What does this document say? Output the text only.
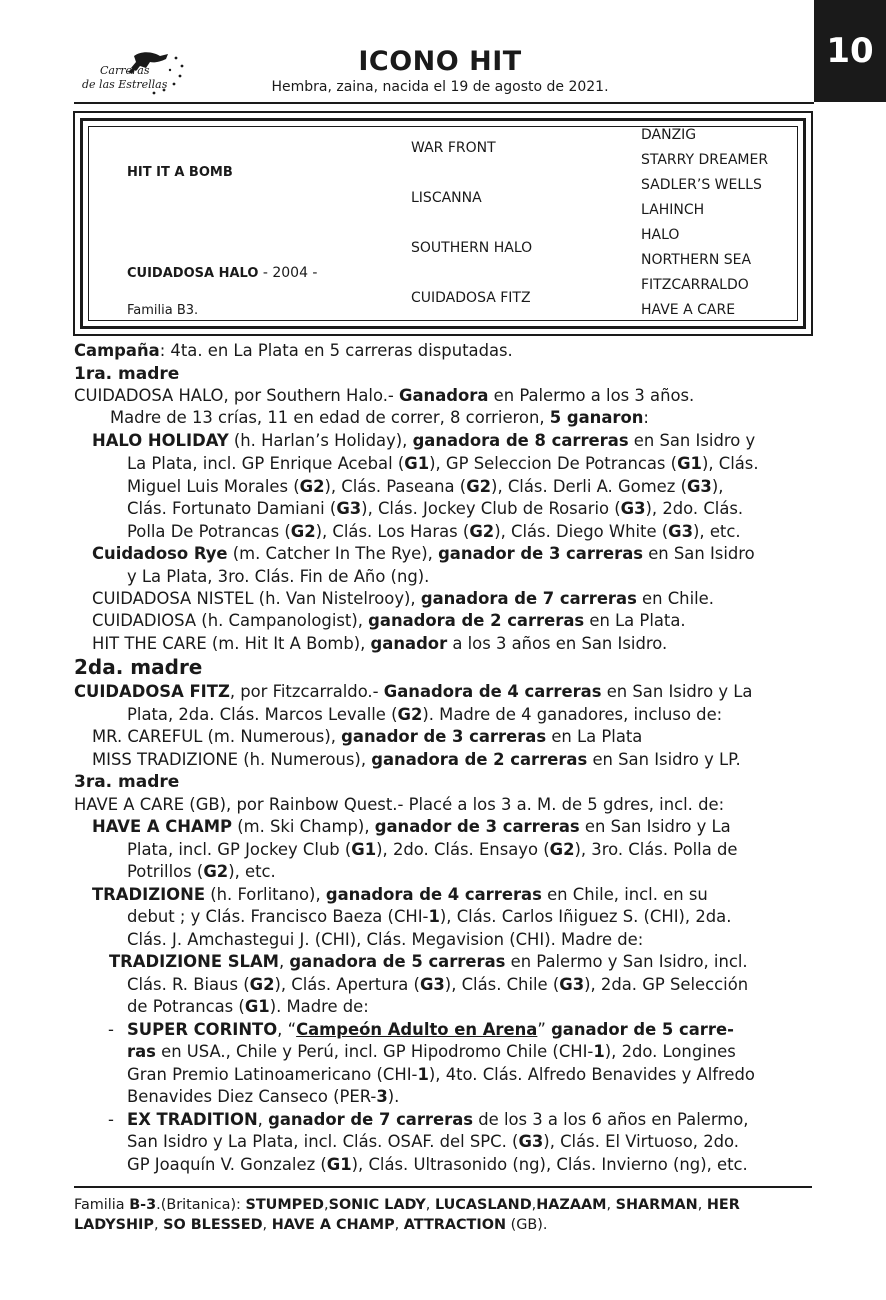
10
Carreras
de las Estrellas
ICONO HIT
Hembra, zaina, nacida el 19 de agosto de 2021.
HIT IT A BOMB
CUIDADOSA HALO - 2004 -
Familia B3.
WAR FRONT
LISCANNA
SOUTHERN HALO
CUIDADOSA FITZ
DANZIG
STARRY DREAMER
SADLER’S WELLS
LAHINCH
HALO
NORTHERN SEA
FITZCARRALDO
HAVE A CARE
Campaña: 4ta. en La Plata en 5 carreras disputadas.
1ra. madre
CUIDADOSA HALO, por Southern Halo.- Ganadora en Palermo a los 3 años.
Madre de 13 crías, 11 en edad de correr, 8 corrieron, 5 ganaron:
HALO HOLIDAY (h. Harlan’s Holiday), ganadora de 8 carreras en San Isidro y
La Plata, incl. GP Enrique Acebal (G1), GP Seleccion De Potrancas (G1), Clás.
Miguel Luis Morales (G2), Clás. Paseana (G2), Clás. Derli A. Gomez (G3),
Clás. Fortunato Damiani (G3), Clás. Jockey Club de Rosario (G3), 2do. Clás.
Polla De Potrancas (G2), Clás. Los Haras (G2), Clás. Diego White (G3), etc.
Cuidadoso Rye (m. Catcher In The Rye), ganador de 3 carreras en San Isidro
y La Plata, 3ro. Clás. Fin de Año (ng).
CUIDADOSA NISTEL (h. Van Nistelrooy), ganadora de 7 carreras en Chile.
CUIDADIOSA (h. Campanologist), ganadora de 2 carreras en La Plata.
HIT THE CARE (m. Hit It A Bomb), ganador a los 3 años en San Isidro.
2da. madre
CUIDADOSA FITZ, por Fitzcarraldo.- Ganadora de 4 carreras en San Isidro y La
Plata, 2da. Clás. Marcos Levalle (G2). Madre de 4 ganadores, incluso de:
MR. CAREFUL (m. Numerous), ganador de 3 carreras en La Plata
MISS TRADIZIONE (h. Numerous), ganadora de 2 carreras en San Isidro y LP.
3ra. madre
HAVE A CARE (GB), por Rainbow Quest.- Placé a los 3 a. M. de 5 gdres, incl. de:
HAVE A CHAMP (m. Ski Champ), ganador de 3 carreras en San Isidro y La
Plata, incl. GP Jockey Club (G1), 2do. Clás. Ensayo (G2), 3ro. Clás. Polla de
Potrillos (G2), etc.
TRADIZIONE (h. Forlitano), ganadora de 4 carreras en Chile, incl. en su
debut ; y Clás. Francisco Baeza (CHI-1), Clás. Carlos Iñiguez S. (CHI), 2da.
Clás. J. Amchastegui J. (CHI), Clás. Megavision (CHI). Madre de:
TRADIZIONE SLAM, ganadora de 5 carreras en Palermo y San Isidro, incl.
Clás. R. Biaus (G2), Clás. Apertura (G3), Clás. Chile (G3), 2da. GP Selección
de Potrancas (G1). Madre de:
- SUPER CORINTO, “Campeón Adulto en Arena” ganador de 5 carre-
ras en USA., Chile y Perú, incl. GP Hipodromo Chile (CHI-1), 2do. Longines
Gran Premio Latinoamericano (CHI-1), 4to. Clás. Alfredo Benavides y Alfredo
Benavides Diez Canseco (PER-3).
- EX TRADITION, ganador de 7 carreras de los 3 a los 6 años en Palermo,
San Isidro y La Plata, incl. Clás. OSAF. del SPC. (G3), Clás. El Virtuoso, 2do.
GP Joaquín V. Gonzalez (G1), Clás. Ultrasonido (ng), Clás. Invierno (ng), etc.
Familia B-3.(Britanica): STUMPED,SONIC LADY, LUCASLAND,HAZAAM, SHARMAN, HER
LADYSHIP, SO BLESSED, HAVE A CHAMP, ATTRACTION (GB).
